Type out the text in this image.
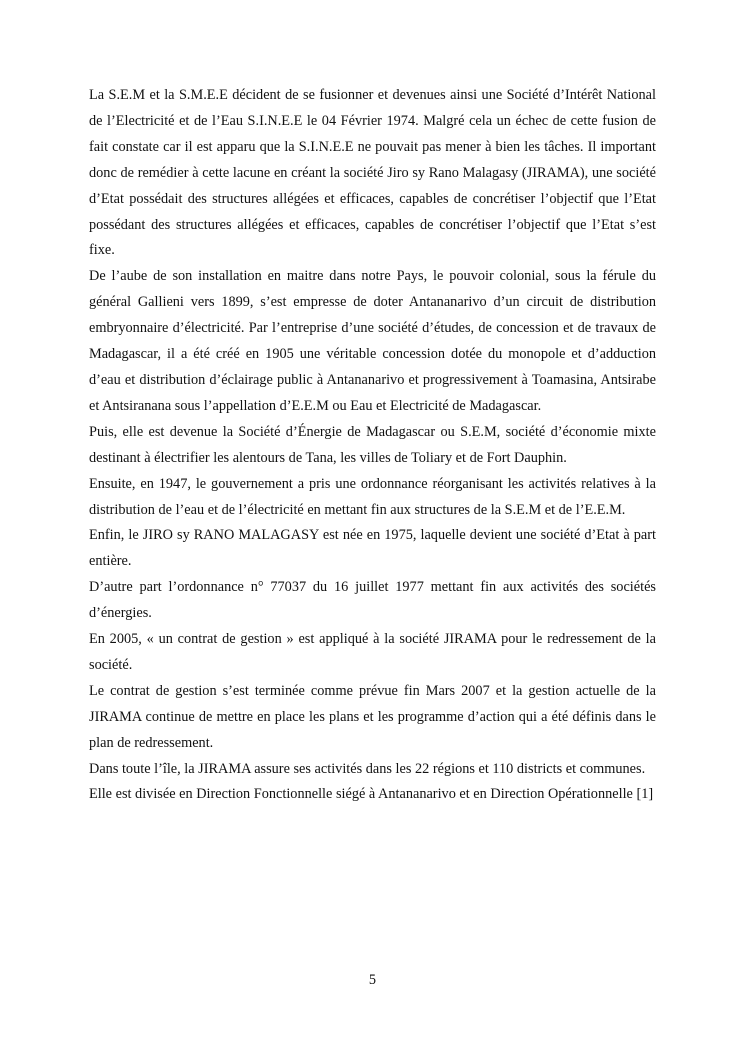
La S.E.M et la S.M.E.E décident de se fusionner et devenues ainsi une Société d’Intérêt National de l’Electricité et de l’Eau S.I.N.E.E le 04 Février 1974. Malgré cela un échec de cette fusion de fait constate car il est apparu que la S.I.N.E.E ne pouvait pas mener à bien les tâches. Il important donc de remédier à cette lacune en créant la société Jiro sy Rano Malagasy (JIRAMA), une société d’Etat possédait des structures allégées et efficaces, capables de concrétiser l’objectif que l’Etat possédant des structures allégées et efficaces, capables de concrétiser l’objectif que l’Etat s’est fixe.

De l’aube de son installation en maitre dans notre Pays, le pouvoir colonial, sous la férule du général Gallieni vers 1899, s’est empresse de doter Antananarivo d’un circuit de distribution embryonnaire d’électricité. Par l’entreprise d’une société d’études, de concession et de travaux de Madagascar, il a été créé en 1905 une véritable concession dotée du monopole et d’adduction d’eau et distribution d’éclairage public à Antananarivo et progressivement à Toamasina, Antsirabe et Antsiranana sous l’appellation d’E.E.M ou Eau et Electricité de Madagascar.

Puis, elle est devenue la Société d’Énergie de Madagascar ou S.E.M, société d’économie mixte destinant à électrifier les alentours de Tana, les villes de Toliary et de Fort Dauphin.

Ensuite, en 1947, le gouvernement a pris une ordonnance réorganisant les activités relatives à la distribution de l’eau et de l’électricité en mettant fin aux structures de la S.E.M et de l’E.E.M.

Enfin, le JIRO sy RANO MALAGASY est née en 1975, laquelle devient une société d’Etat à part entière.

D’autre part l’ordonnance n° 77037 du 16 juillet 1977 mettant fin aux activités des sociétés d’énergies.

En 2005, « un contrat de gestion » est appliqué à la société JIRAMA pour le redressement de la société.

Le contrat de gestion s’est terminée comme prévue fin Mars 2007 et la gestion actuelle de la JIRAMA continue de mettre en place les plans et les programme d’action qui a été définis dans le plan de redressement.

Dans toute l’île, la JIRAMA assure ses activités dans les 22 régions et 110 districts et communes.

Elle est divisée en Direction Fonctionnelle siégé à Antananarivo et en Direction Opérationnelle [1]

5
